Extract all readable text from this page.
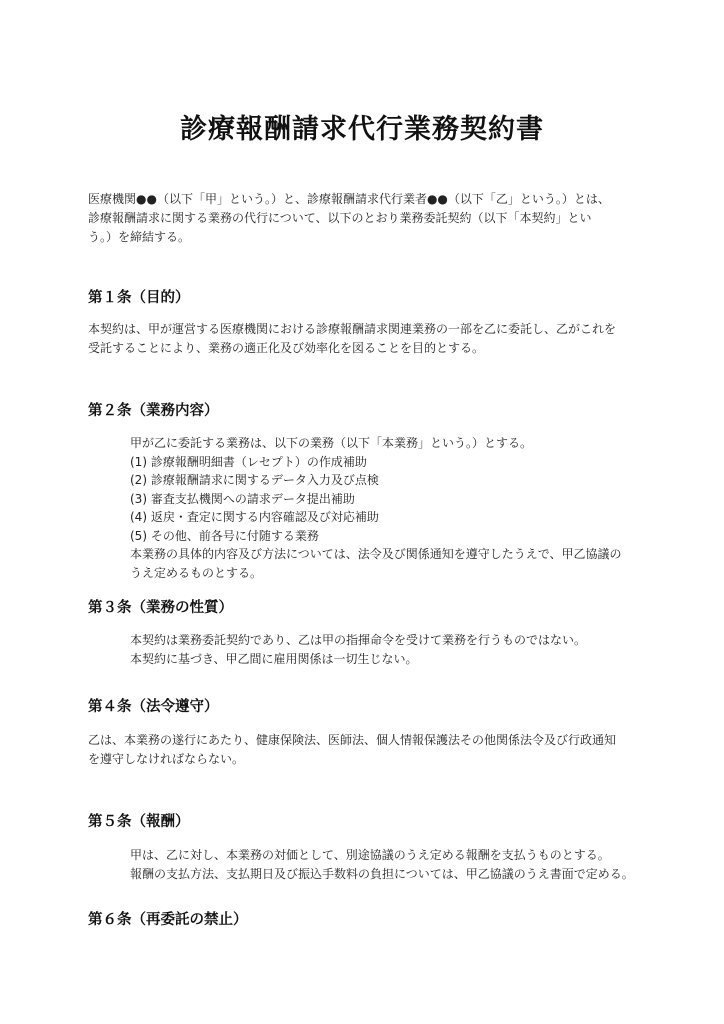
診療報酬請求代行業務契約書
医療機関●●（以下「甲」という。）と、診療報酬請求代行業者●●（以下「乙」という。）とは、
診療報酬請求に関する業務の代行について、以下のとおり業務委託契約（以下「本契約」とい
う。）を締結する。
第１条（目的）
本契約は、甲が運営する医療機関における診療報酬請求関連業務の一部を乙に委託し、乙がこれを
受託することにより、業務の適正化及び効率化を図ることを目的とする。
第２条（業務内容）
甲が乙に委託する業務は、以下の業務（以下「本業務」という。）とする。
(1) 診療報酬明細書（レセプト）の作成補助
(2) 診療報酬請求に関するデータ入力及び点検
(3) 審査支払機関への請求データ提出補助
(4) 返戻・査定に関する内容確認及び対応補助
(5) その他、前各号に付随する業務
本業務の具体的内容及び方法については、法令及び関係通知を遵守したうえで、甲乙協議の
うえ定めるものとする。
第３条（業務の性質）
本契約は業務委託契約であり、乙は甲の指揮命令を受けて業務を行うものではない。
本契約に基づき、甲乙間に雇用関係は一切生じない。
第４条（法令遵守）
乙は、本業務の遂行にあたり、健康保険法、医師法、個人情報保護法その他関係法令及び行政通知
を遵守しなければならない。
第５条（報酬）
甲は、乙に対し、本業務の対価として、別途協議のうえ定める報酬を支払うものとする。
報酬の支払方法、支払期日及び振込手数料の負担については、甲乙協議のうえ書面で定める。
第６条（再委託の禁止）
